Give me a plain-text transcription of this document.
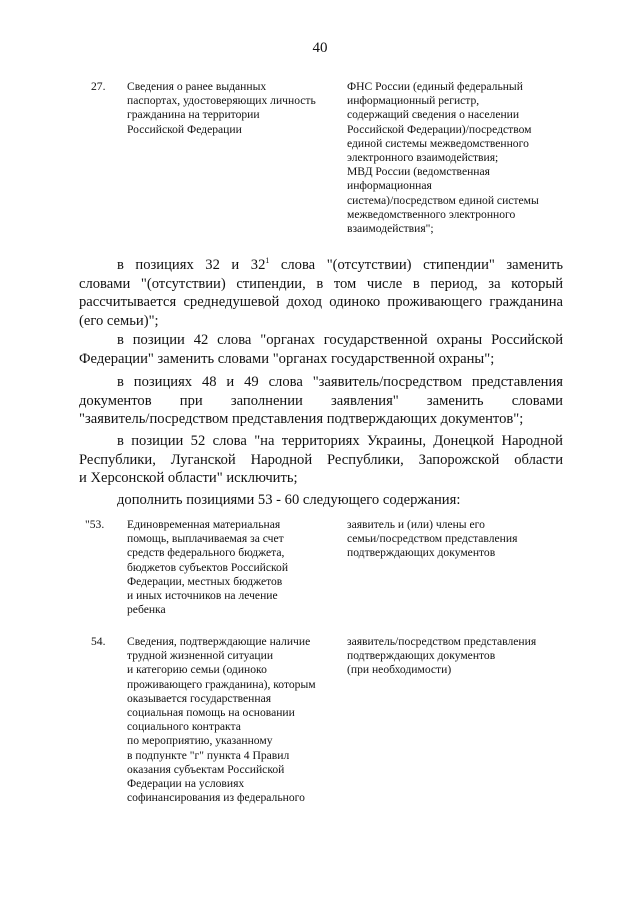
40
27. Сведения о ранее выданных
паспортах, удостоверяющих личность
гражданина на территории
Российской Федерации
ФНС России (единый федеральный
информационный регистр,
содержащий сведения о населении
Российской Федерации)/посредством
единой системы межведомственного
электронного взаимодействия;
МВД России (ведомственная
информационная
система)/посредством единой системы
межведомственного электронного
взаимодействия";
в позициях 32 и $32^1$ слова "(отсутствии) стипендии" заменить
словами "(отсутствии) стипендии, в том числе в период, за который
рассчитывается среднедушевой доход одиноко проживающего гражданина
(его семьи)";
в позиции 42 слова "органах государственной охраны Российской
Федерации" заменить словами "органах государственной охраны";
в позициях 48 и 49 слова "заявитель/посредством представления
документов при заполнении заявления" заменить словами
"заявитель/посредством представления подтверждающих документов";
в позиции 52 слова "на территориях Украины, Донецкой Народной
Республики, Луганской Народной Республики, Запорожской области
и Херсонской области" исключить;
дополнить позициями 53 - 60 следующего содержания:
"53. Единовременная материальная
помощь, выплачиваемая за счет
средств федерального бюджета,
бюджетов субъектов Российской
Федерации, местных бюджетов
и иных источников на лечение
ребенка
заявитель и (или) члены его
семьи/посредством представления
подтверждающих документов
54. Сведения, подтверждающие наличие
трудной жизненной ситуации
и категорию семьи (одиноко
проживающего гражданина), которым
оказывается государственная
социальная помощь на основании
социального контракта
по мероприятию, указанному
в подпункте "г" пункта 4 Правил
оказания субъектам Российской
Федерации на условиях
софинансирования из федерального
заявитель/посредством представления
подтверждающих документов
(при необходимости)
